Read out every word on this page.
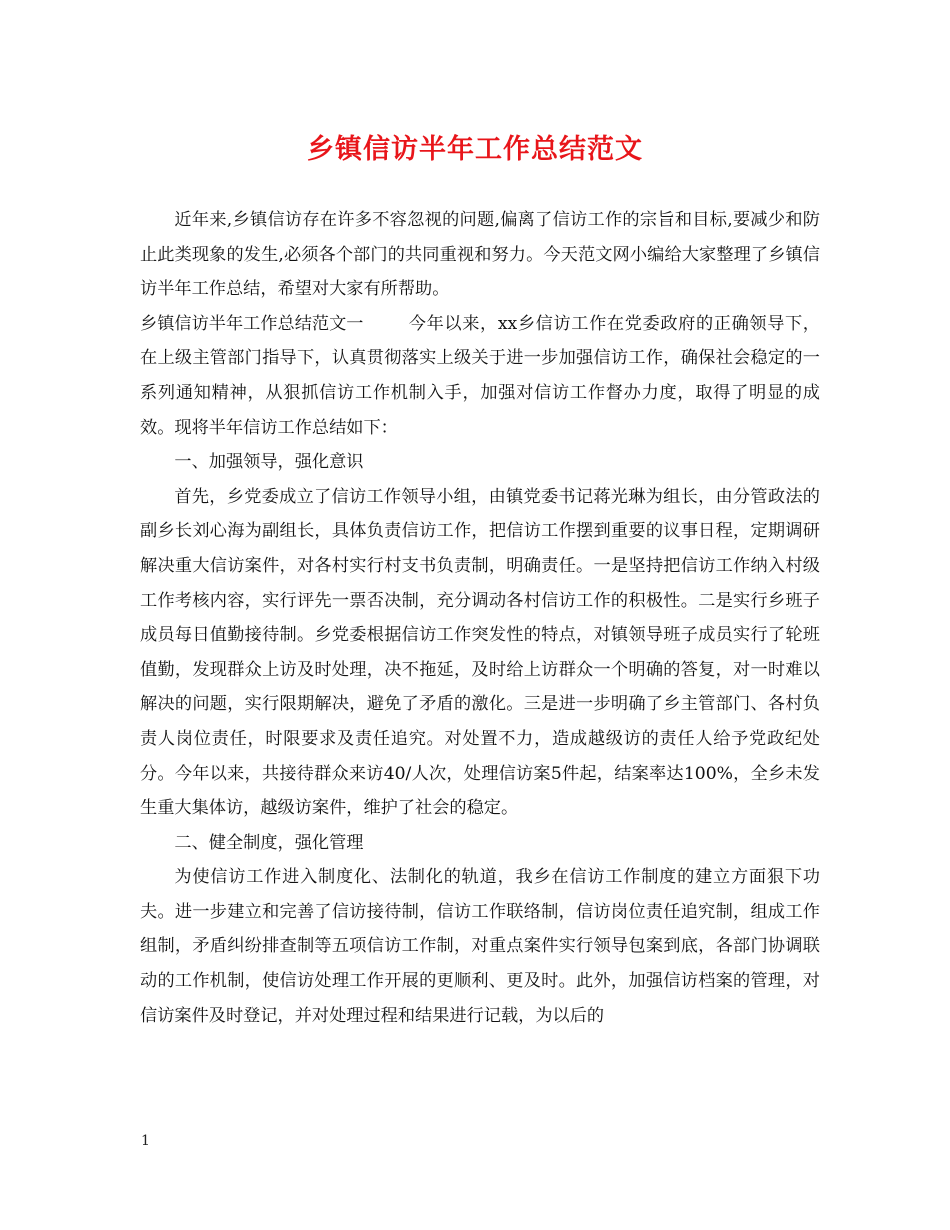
乡镇信访半年工作总结范文

近年来,乡镇信访存在许多不容忽视的问题,偏离了信访工作的宗旨和目标,要减少和防止此类现象的发生,必须各个部门的共同重视和努力。今天范文网小编给大家整理了乡镇信访半年工作总结，希望对大家有所帮助。

乡镇信访半年工作总结范文一	今年以来，xx乡信访工作在党委政府的正确领导下，在上级主管部门指导下，认真贯彻落实上级关于进一步加强信访工作，确保社会稳定的一系列通知精神，从狠抓信访工作机制入手，加强对信访工作督办力度，取得了明显的成效。现将半年信访工作总结如下：

一、加强领导，强化意识

首先，乡党委成立了信访工作领导小组，由镇党委书记蒋光琳为组长，由分管政法的副乡长刘心海为副组长，具体负责信访工作，把信访工作摆到重要的议事日程，定期调研解决重大信访案件，对各村实行村支书负责制，明确责任。一是坚持把信访工作纳入村级工作考核内容，实行评先一票否决制，充分调动各村信访工作的积极性。二是实行乡班子成员每日值勤接待制。乡党委根据信访工作突发性的特点，对镇领导班子成员实行了轮班值勤，发现群众上访及时处理，决不拖延，及时给上访群众一个明确的答复，对一时难以解决的问题，实行限期解决，避免了矛盾的激化。三是进一步明确了乡主管部门、各村负责人岗位责任，时限要求及责任追究。对处置不力，造成越级访的责任人给予党政纪处分。今年以来，共接待群众来访40/人次，处理信访案5件起，结案率达100%，全乡未发生重大集体访，越级访案件，维护了社会的稳定。

二、健全制度，强化管理

为使信访工作进入制度化、法制化的轨道，我乡在信访工作制度的建立方面狠下功夫。进一步建立和完善了信访接待制，信访工作联络制，信访岗位责任追究制，组成工作组制，矛盾纠纷排查制等五项信访工作制，对重点案件实行领导包案到底，各部门协调联动的工作机制，使信访处理工作开展的更顺利、更及时。此外，加强信访档案的管理，对信访案件及时登记，并对处理过程和结果进行记载，为以后的

1
